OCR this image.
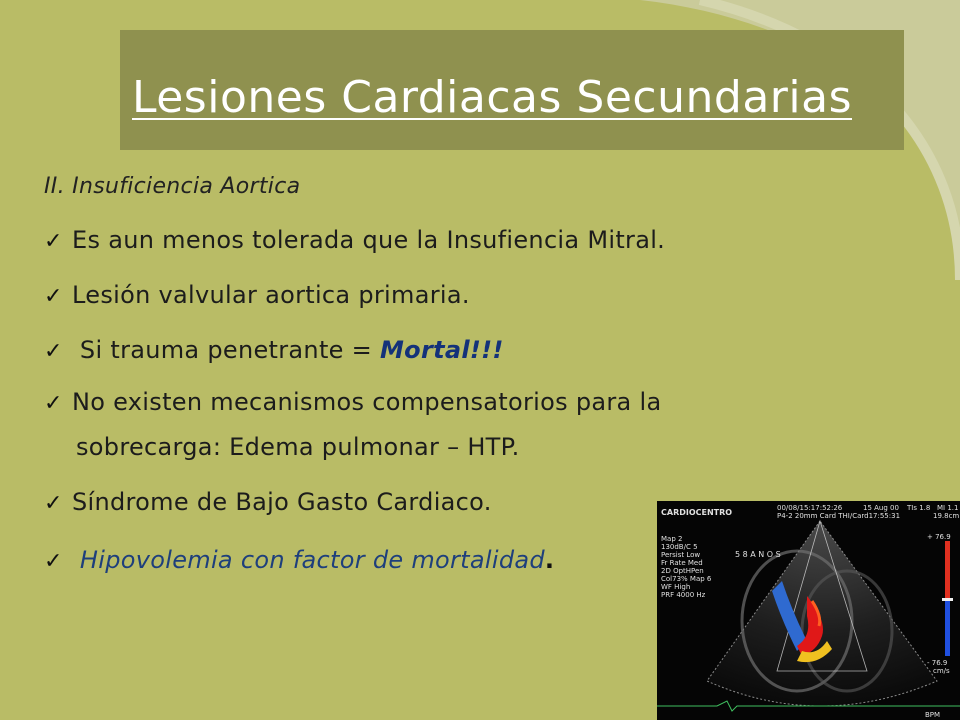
Lesiones Cardiacas Secundarias
II. Insuficiencia Aortica
✓ Es aun menos tolerada que la Insufiencia Mitral.
✓ Lesión valvular aortica primaria.
✓ Si trauma penetrante = Mortal!!!
✓ No existen mecanismos compensatorios para la
sobrecarga: Edema pulmonar – HTP.
✓ Síndrome de Bajo Gasto Cardiaco.
✓ Hipovolemia con factor de mortalidad.
CARDIOCENTRO	00/08/15:17:52:26
P4-2 20mm Card THI/Card17:55:31
15 Aug 00 TIs 1.8 MI 1.1
19.8cm
Map 2
130dB/C 5
Persist Low
Fr Rate Med
2D OptHPen
Col73% Map 6
WF High
PRF 4000 Hz
5 8 A N O S
+ 76.9
- 76.9
cm/s
BPM
